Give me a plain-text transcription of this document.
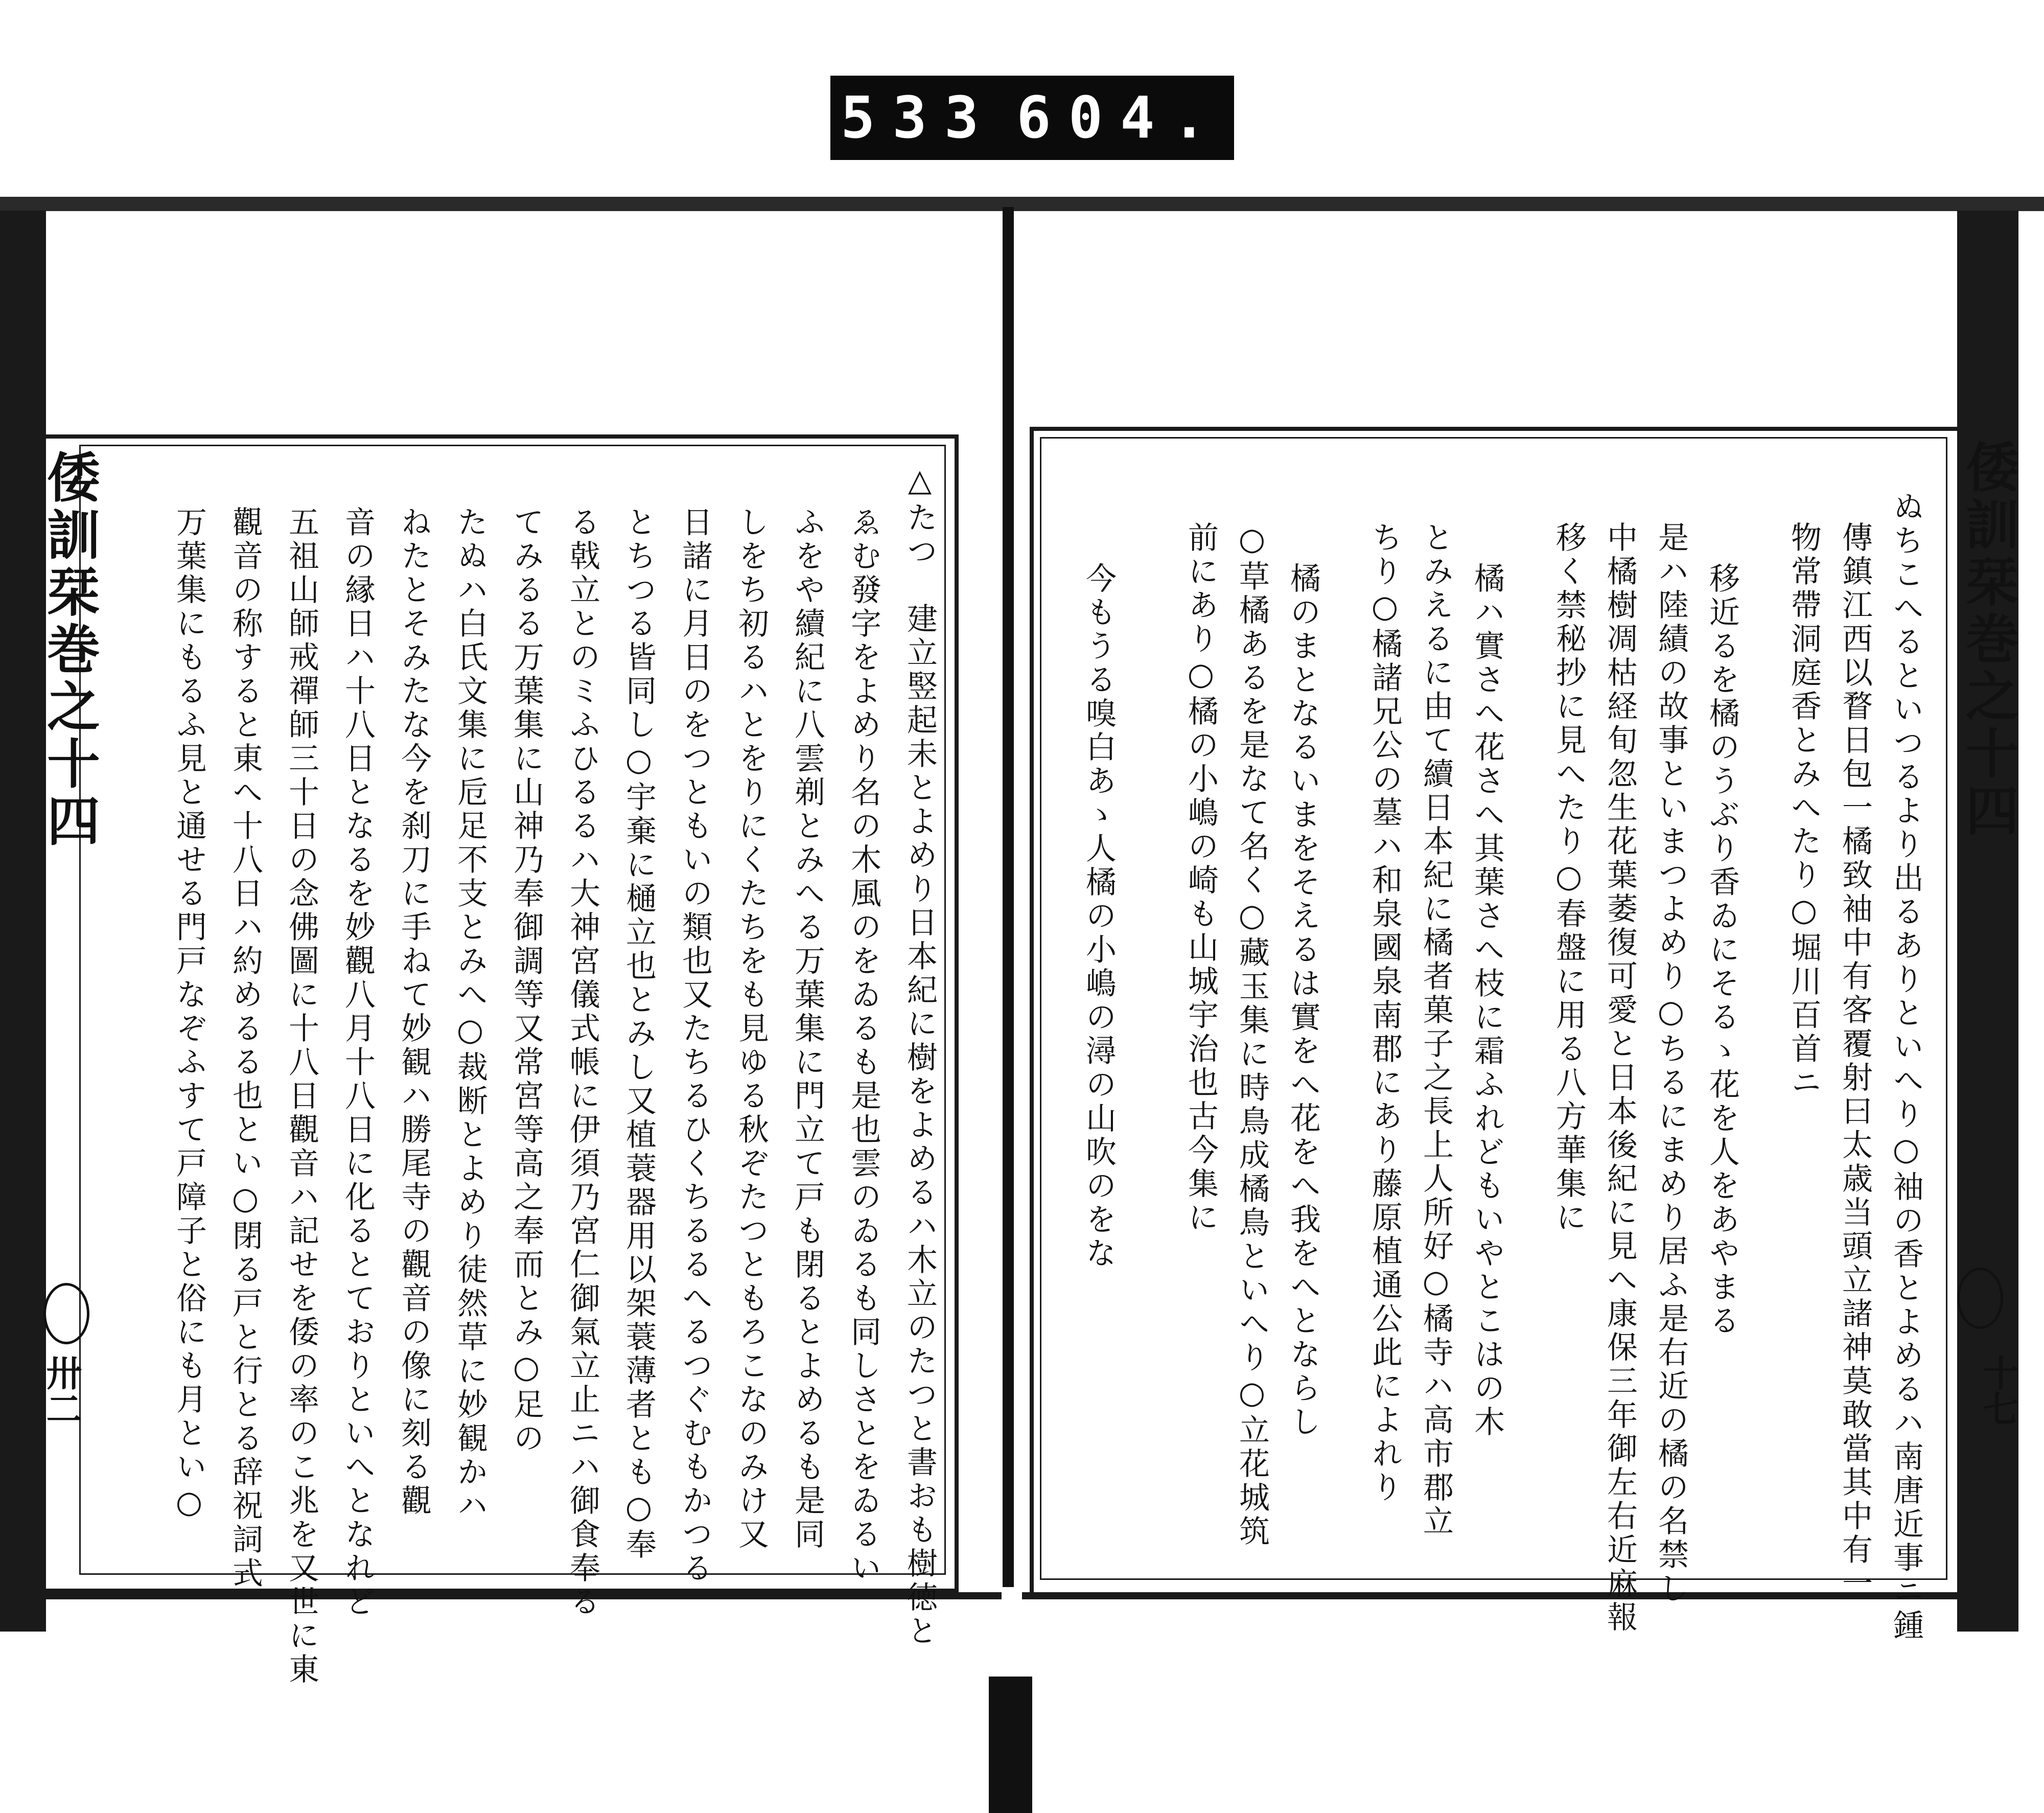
533 604.
倭訓栞巻之十四
卅二	△たつ　建立竪起未とよめり日本紀に樹をよめるハ木立のたつと書おも樹徳と
ゑむ發字をよめり名の木風のをゐるも是也雲のゐるも同しさとをゐるい
ふをや續紀に八雲剃とみへる万葉集に門立て戸も閉るとよめるも是同
しをち初るハとをりにくたちをも見ゆる秋ぞたつともろこなのみけ又
日諸に月日のをつともいの類也又たちるひくちるるへるつぐむもかつる
とちつる皆同し○宇棄に樋立也とみし又植蓑器用以架蓑薄者とも○奉
る戟立とのミふひるるハ大神宮儀式帳に伊須乃宮仁御氣立止ニハ御食奉る
てみるる万葉集に山神乃奉御調等又常宮等高之奉而とみ○足の
たぬハ白氏文集に卮足不支とみへ○裁断とよめり徒然草に妙観かハ
ねたとそみたな今を刹刀に手ねて妙観ハ勝尾寺の觀音の像に刻る觀
音の縁日ハ十八日となるを妙觀八月十八日に化るとておりといへとなれど
五祖山師戒禪師三十日の念佛圖に十八日觀音ハ記せを倭の率のこ兆を又世に東
觀音の称すると東へ十八日ハ約めるる也とい○閉る戸と行とる辞祝詞式
万葉集にもるふ見と通せる門戸なぞふすて戸障子と俗にも月とい○	倭訓栞巻之十四
十七
ぬちこへるといつるより出るありといへり○袖の香とよめるハ南唐近事ニ鍾
傳鎮江西以瞀日包一橘致袖中有客覆射曰太歳当頭立諸神莫敢當其中有一
物常帶洞庭香とみへたり○堀川百首ニ
移近るを橘のうぶり香ゐにそるゝ花を人をあやまる
是ハ陸績の故事といまつよめり○ちるにまめり居ふ是右近の橘の名禁し
中橘樹凋枯経旬忽生花葉萎復可愛と日本後紀に見へ康保三年御左右近麻報
移く禁秘抄に見へたり○春盤に用る八方華集に
橘ハ實さへ花さへ其葉さへ枝に霜ふれどもいやとこはの木
とみえるに由て續日本紀に橘者菓子之長上人所好○橘寺ハ高市郡立
ちり○橘諸兄公の墓ハ和泉國泉南郡にあり藤原植通公此によれり
橘のまとなるいまをそえるは實をへ花をへ我をへとならし
○草橘あるを是なて名く○藏玉集に時鳥成橘鳥といへり○立花城筑
前にあり○橘の小嶋の崎も山城宇治也古今集に
今もうる嗅白あゝ人橘の小嶋の潯の山吹のをな
